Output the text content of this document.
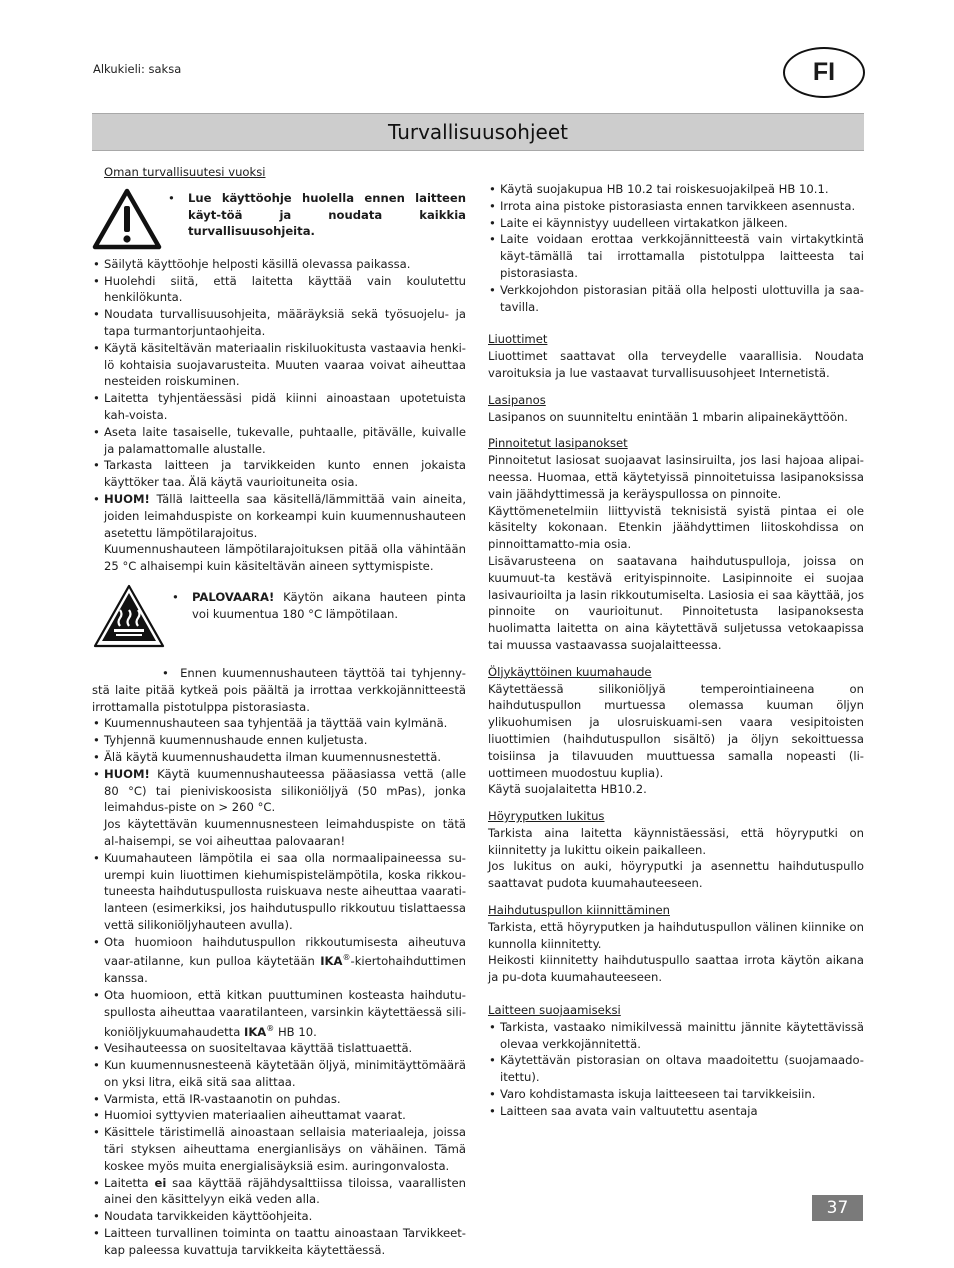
Alkukieli: saksa	FI
Turvallisuusohjeet

Oman turvallisuutesi vuoksi

•	Lue käyttöohje huolella ennen laitteen käyt-töä ja noudata kaikkia turvallisuusohjeita.
• Säilytä käyttöohje helposti käsillä olevassa paikassa.
• Huolehdi siitä, että laitetta käyttää vain koulutettu henkilökunta.
• Noudata turvallisuusohjeita, määräyksiä sekä työsuojelu- ja tapa turmantorjuntaohjeita.
• Käytä käsiteltävän materiaalin riskiluokitusta vastaavia henki-lö kohtaisia suojavarusteita. Muuten vaaraa voivat aiheuttaa nesteiden roiskuminen.
• Laitetta tyhjentäessäsi pidä kiinni ainoastaan upotetuista kah-voista.
• Aseta laite tasaiselle, tukevalle, puhtaalle, pitävälle, kuivalle ja palamattomalle alustalle.
• Tarkasta laitteen ja tarvikkeiden kunto ennen jokaista käyttöker taa. Älä käytä vaurioituneita osia.
• HUOM! Tällä laitteella saa käsitellä/lämmittää vain aineita, joiden leimahduspiste on korkeampi kuin kuumennushauteen asetettu lämpötilarajoitus.

Kuumennushauteen lämpötilarajoituksen pitää olla vähintään 25 °C alhaisempi kuin käsiteltävän aineen syttymispiste.

•	PALOVAARA! Käytön aikana hauteen pinta voi kuumentua 180 °C lämpötilaan.

•  Ennen kuumennushauteen täyttöä tai tyhjenny-stä laite pitää kytkeä pois päältä ja irrottaa verkkojännitteestä irrottamalla pistotulppa pistorasiasta.

• Kuumennushauteen saa tyhjentää ja täyttää vain kylmänä.
• Tyhjennä kuumennushaude ennen kuljetusta.
• Älä käytä kuumennushaudetta ilman kuumennusnestettä.
• HUOM! Käytä kuumennushauteessa pääasiassa vettä (alle 80 °C) tai pieniviskoosista silikoniöljyä (50 mPas), jonka leimahdus-piste on > 260 °C.

Jos käytettävän kuumennusnesteen leimahduspiste on tätä al-haisempi, se voi aiheuttaa palovaaran!

• Kuumahauteen lämpötila ei saa olla normaalipaineessa su-urempi kuin liuottimen kiehumispistelämpötila, koska rikkou-tuneesta haihdutuspullosta ruiskuava neste aiheuttaa vaarati-lanteen (esimerkiksi, jos haihdutuspullo rikkoutuu tislattaessa vettä silikoniöljyhauteen avulla).
• Ota huomioon haihdutuspullon rikkoutumisesta aiheutuva vaar-atilanne, kun pulloa käytetään IKA®-kiertohaihduttimen kanssa.
• Ota huomioon, että kitkan puuttuminen kosteasta haihdutu-spullosta aiheuttaa vaaratilanteen, varsinkin käytettäessä sili-koniöljykuumahaudetta IKA® HB 10.
• Vesihauteessa on suositeltavaa käyttää tislattuaettä.
• Kun kuumennusnesteenä käytetään öljyä, minimitäyttömäärä on yksi litra, eikä sitä saa alittaa.
• Varmista, että IR-vastaanotin on puhdas.
• Huomioi syttyvien materiaalien aiheuttamat vaarat.
• Käsittele täristimellä ainoastaan sellaisia materiaaleja, joissa täri styksen aiheuttama energianlisäys on vähäinen. Tämä koskee myös muita energialisäyksiä esim. auringonvalosta.
• Laitetta ei saa käyttää räjähdysalttiissa tiloissa, vaarallisten ainei den käsittelyyn eikä veden alla.
• Noudata tarvikkeiden käyttöohjeita.
• Laitteen turvallinen toiminta on taattu ainoastaan Tarvikkeet-kap paleessa kuvattuja tarvikkeita käytettäessä.
• Käytä suojakupua HB 10.2 tai roiskesuojakilpeä HB 10.1.
• Irrota aina pistoke pistorasiasta ennen tarvikkeen asennusta.
• Laite ei käynnistyy uudelleen virtakatkon jälkeen.
• Laite voidaan erottaa verkkojännitteestä vain virtakytkintä käyt-tämällä tai irrottamalla pistotulppa laitteesta tai pistorasiasta.
• Verkkojohdon pistorasian pitää olla helposti ulottuvilla ja saa-tavilla.

Liuottimet

Liuottimet saattavat olla terveydelle vaarallisia. Noudata varoituksia ja lue vastaavat turvallisuusohjeet Internetistä.

Lasipanos

Lasipanos on suunniteltu enintään 1 mbarin alipainekäyttöön.

Pinnoitetut lasipanokset

Pinnoitetut lasiosat suojaavat lasinsiruilta, jos lasi hajoaa alipai-neessa. Huomaa, että käytetyissä pinnoitetuissa lasipanoksissa vain jäähdyttimessä ja keräyspullossa on pinnoite.

Käyttömenetelmiin liittyvistä teknisistä syistä pintaa ei ole käsitelty kokonaan. Etenkin jäähdyttimen liitoskohdissa on pinnoittamatto-mia osia.

Lisävarusteena on saatavana haihdutuspulloja, joissa on kuumuut-ta kestävä erityispinnoite. Lasipinnoite ei suojaa lasivaurioilta ja lasin rikkoutumiselta. Lasiosia ei saa käyttää, jos pinnoite on vaurioitunut. Pinnoitetusta lasipanoksesta huolimatta laitetta on aina käytettävä suljetussa vetokaapissa tai muussa vastaavassa suojalaitteessa.

Öljykäyttöinen kuumahaude

Käytettäessä silikoniöljyä temperointiaineena on haihdutuspullon murtuessa olemassa kuuman öljyn ylikuohumisen ja ulosruiskuami-sen vaara vesipitoisten liuottimien (haihdutuspullon sisältö) ja öljyn sekoittuessa toisiinsa ja tilavuuden muuttuessa samalla nopeasti (li-uottimeen muodostuu kuplia).

Käytä suojalaitetta HB10.2.

Höyryputken lukitus

Tarkista aina laitetta käynnistäessäsi, että höyryputki on kiinnitetty ja lukittu oikein paikalleen.

Jos lukitus on auki, höyryputki ja asennettu haihdutuspullo saattavat pudota kuumahauteeseen.

Haihdutuspullon kiinnittäminen

Tarkista, että höyryputken ja haihdutuspullon välinen kiinnike on kunnolla kiinnitetty.

Heikosti kiinnitetty haihdutuspullo saattaa irrota käytön aikana ja pu-dota kuumahauteeseen.

Laitteen suojaamiseksi

• Tarkista, vastaako nimikilvessä mainittu jännite käytettävissä olevaa verkkojännitettä.
• Käytettävän pistorasian on oltava maadoitettu (suojamaado-itettu).
• Varo kohdistamasta iskuja laitteeseen tai tarvikkeisiin.
• Laitteen saa avata vain valtuutettu asentaja
37
